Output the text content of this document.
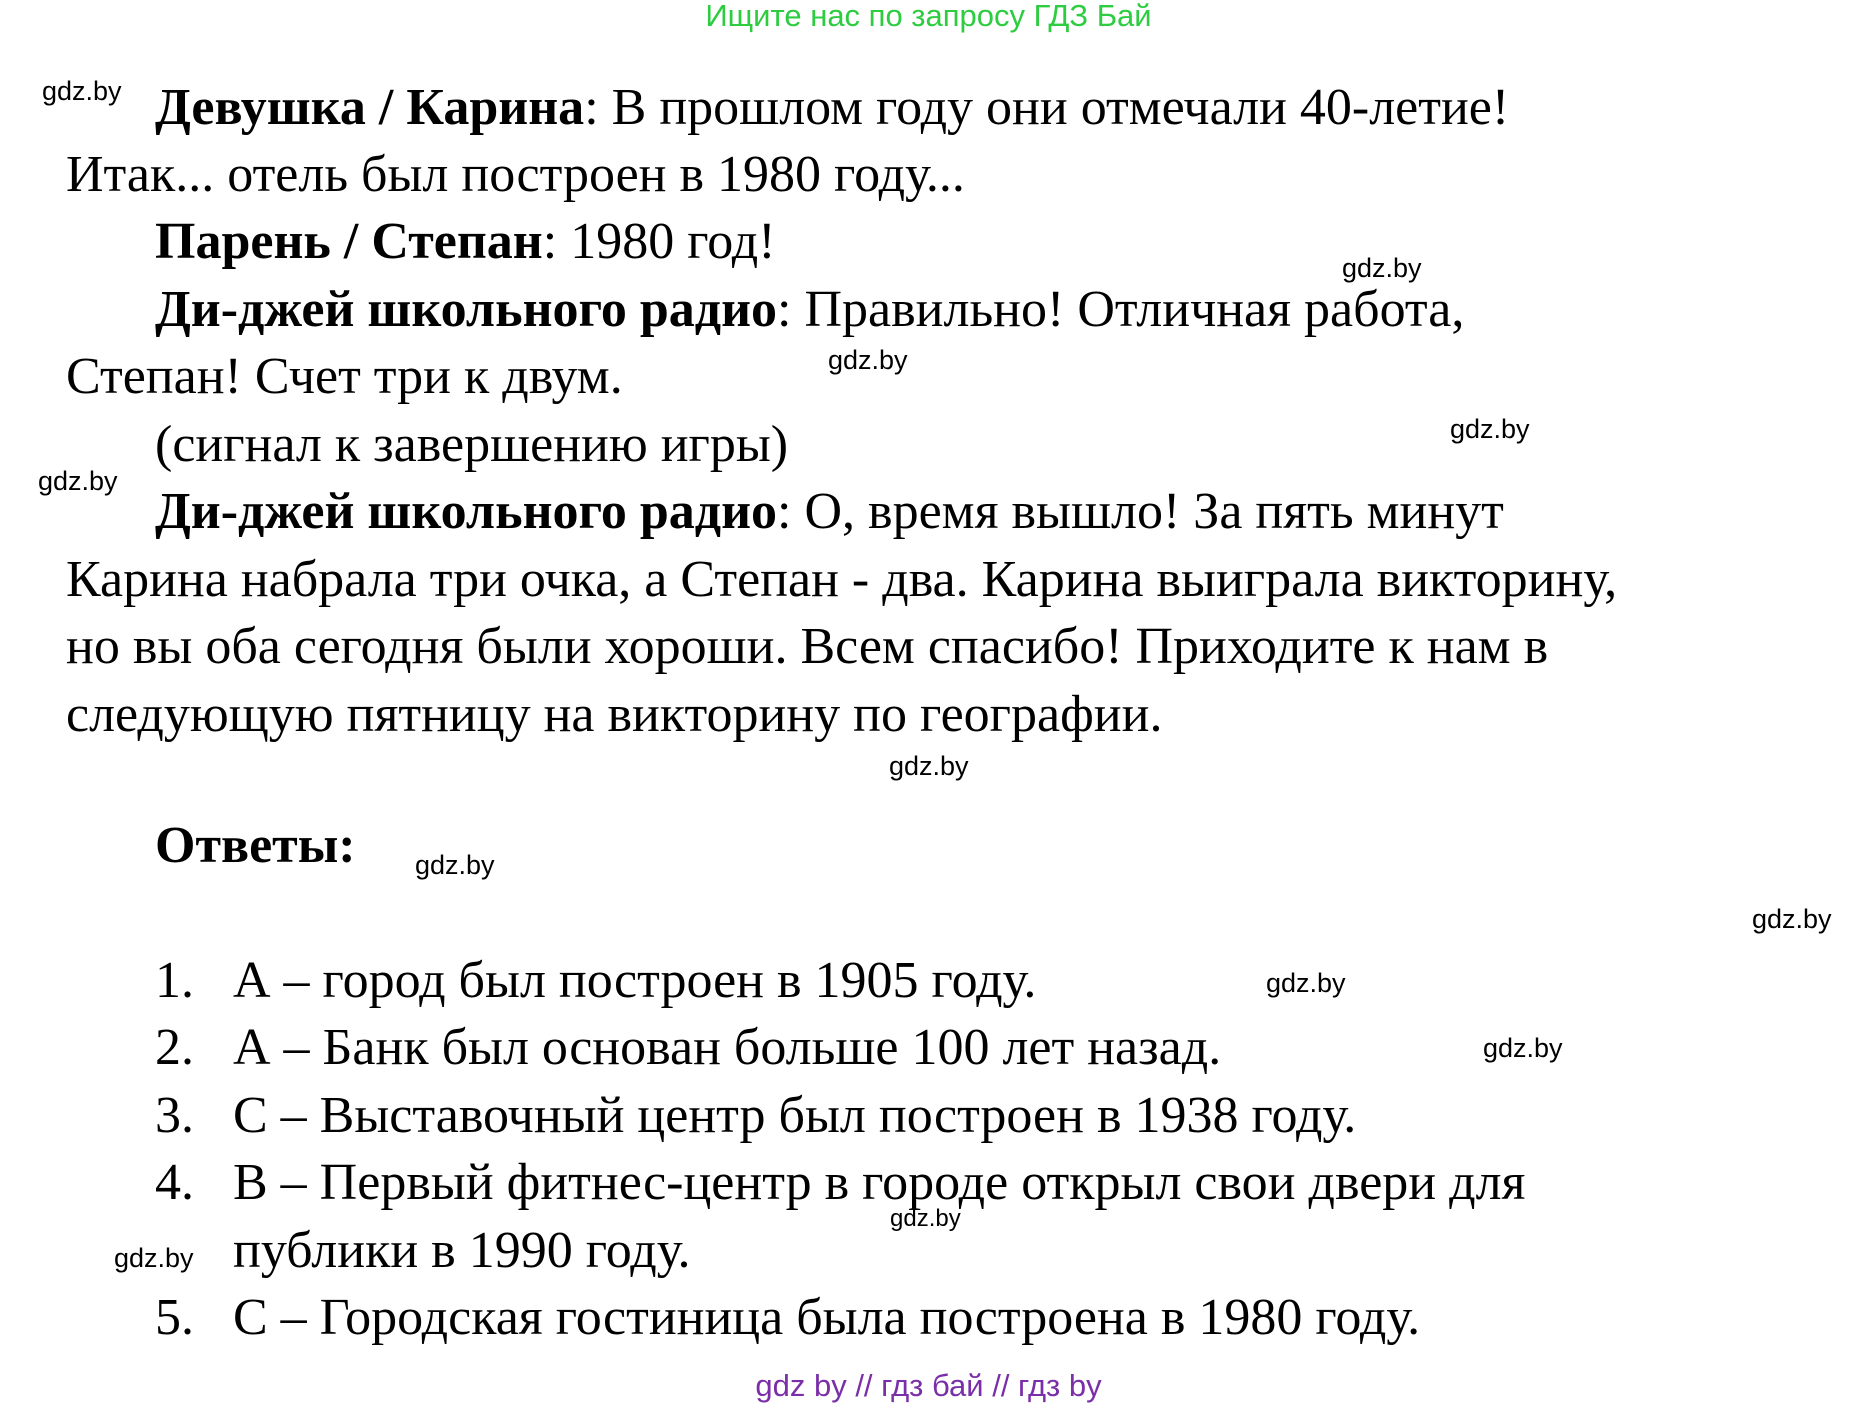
Ищите нас по запросу ГДЗ Бай
Девушка / Карина: В прошлом году они отмечали 40-летие!
Итак... отель был построен в 1980 году...
Парень / Степан: 1980 год!
Ди-джей школьного радио: Правильно! Отличная работа,
Степан! Счет три к двум.
(сигнал к завершению игры)
Ди-джей школьного радио: О, время вышло! За пять минут
Карина набрала три очка, а Степан - два. Карина выиграла викторину,
но вы оба сегодня были хороши. Всем спасибо! Приходите к нам в
следующую пятницу на викторину по географии.
Ответы:
1. А – город был построен в 1905 году.
2. А – Банк был основан больше 100 лет назад.
3. С – Выставочный центр был построен в 1938 году.
4. В – Первый фитнес-центр в городе открыл свои двери для
публики в 1990 году.
5. С – Городская гостиница была построена в 1980 году.
gdz.by
gdz.by
gdz.by
gdz.by
gdz.by
gdz.by
gdz.by
gdz.by
gdz.by
gdz.by
gdz.by
gdz.by
gdz by // гдз бай // гдз by
